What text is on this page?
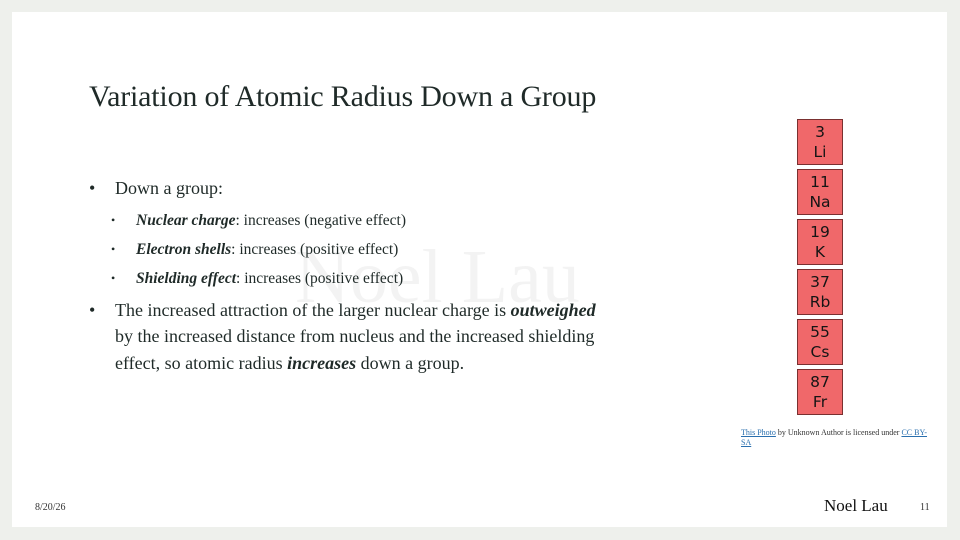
Variation of Atomic Radius Down a Group
• Down a group:
• Nuclear charge: increases (negative effect)
• Electron shells: increases (positive effect)
• Shielding effect: increases (positive effect)
• The increased attraction of the larger nuclear charge is outweighed by the increased distance from nucleus and the increased shielding effect, so atomic radius increases down a group.
3
Li
11
Na
19
K
37
Rb
55
Cs
87
Fr
This Photo by Unknown Author is licensed under CC BY-SA
8/20/26	Noel Lau	11
